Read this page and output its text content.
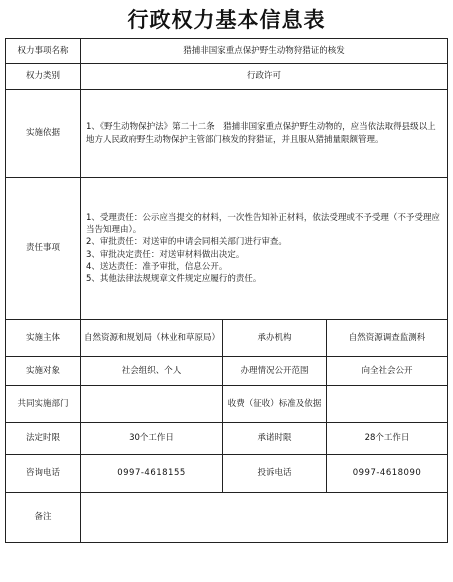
行政权力基本信息表
权力事项名称	猎捕非国家重点保护野生动物狩猎证的核发		
权力类别	行政许可		
实施依据	1、《野生动物保护法》第二十二条　猎捕非国家重点保护野生动物的，应当依法取得县级以上地方人民政府野生动物保护主管部门核发的狩猎证，并且服从猎捕量限额管理。		
责任事项	1、受理责任：公示应当提交的材料，一次性告知补正材料，依法受理或不予受理（不予受理应当告知理由）。
2、审批责任：对送审的申请会同相关部门进行审查。
3、审批决定责任：对送审材料做出决定。
4、送达责任：准予审批，信息公开。
5、其他法律法规规章文件规定应履行的责任。		

实施主体	自然资源和规划局（林业和草原局）	承办机构	自然资源调查监测科
实施对象	社会组织、个人	办理情况公开范围	向全社会公开
共同实施部门		收费（征收）标准及依据	
法定时限	30个工作日	承诺时限	28个工作日
咨询电话	0997-4618155	投诉电话	0997-4618090
备注			
